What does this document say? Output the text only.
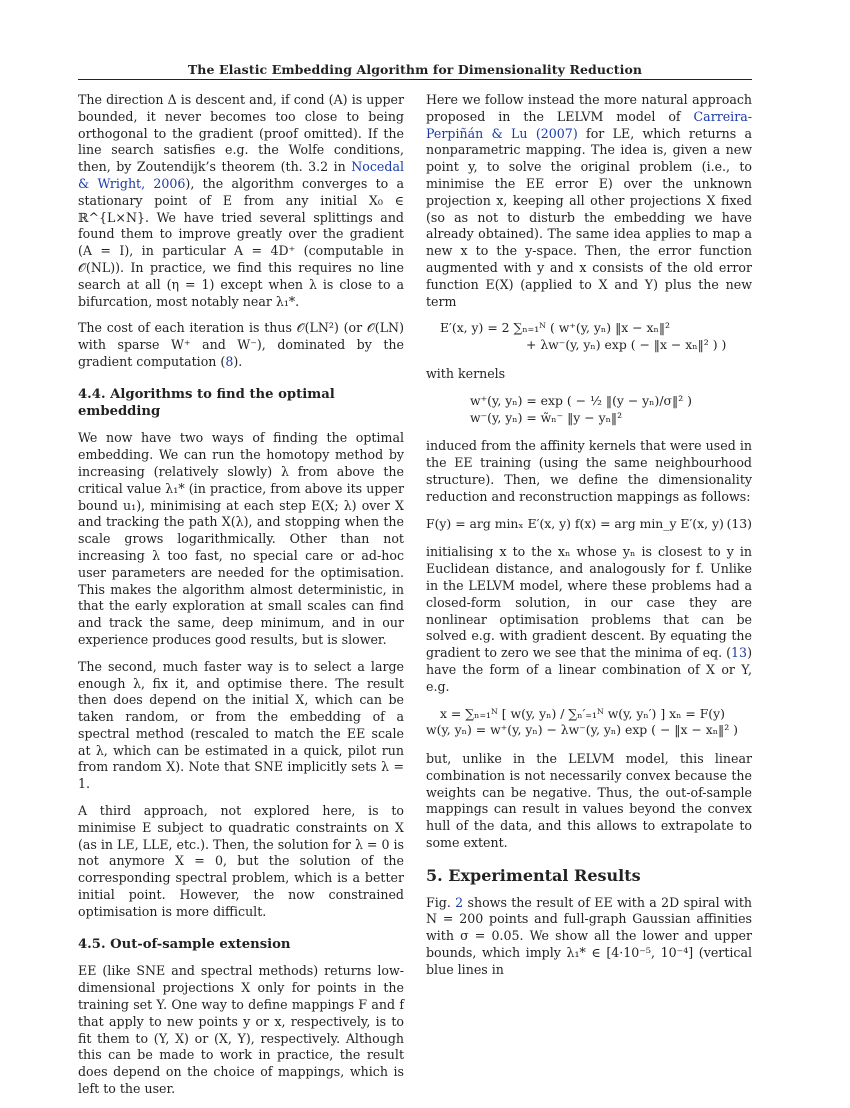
The Elastic Embedding Algorithm for Dimensionality Reduction

The direction Δ is descent and, if cond (A) is upper bounded, it never becomes too close to being orthogonal to the gradient (proof omitted). If the line search satisfies e.g. the Wolfe conditions, then, by Zoutendijk’s theorem (th. 3.2 in Nocedal & Wright, 2006), the algorithm converges to a stationary point of E from any initial X₀ ∈ ℝ^{L×N}. We have tried several splittings and found them to improve greatly over the gradient (A = I), in particular A = 4D⁺ (computable in 𝒪(NL)). In practice, we find this requires no line search at all (η = 1) except when λ is close to a bifurcation, most notably near λ₁*.

The cost of each iteration is thus 𝒪(LN²) (or 𝒪(LN) with sparse W⁺ and W⁻), dominated by the gradient computation (8).

4.4. Algorithms to find the optimal embedding

We now have two ways of finding the optimal embedding. We can run the homotopy method by increasing (relatively slowly) λ from above the critical value λ₁* (in practice, from above its upper bound u₁), minimising at each step E(X; λ) over X and tracking the path X(λ), and stopping when the scale grows logarithmically. Other than not increasing λ too fast, no special care or ad-hoc user parameters are needed for the optimisation. This makes the algorithm almost deterministic, in that the early exploration at small scales can find and track the same, deep minimum, and in our experience produces good results, but is slower.

The second, much faster way is to select a large enough λ, fix it, and optimise there. The result then does depend on the initial X, which can be taken random, or from the embedding of a spectral method (rescaled to match the EE scale at λ, which can be estimated in a quick, pilot run from random X). Note that SNE implicitly sets λ = 1.

A third approach, not explored here, is to minimise E subject to quadratic constraints on X (as in LE, LLE, etc.). Then, the solution for λ = 0 is not anymore X = 0, but the solution of the corresponding spectral problem, which is a better initial point. However, the now constrained optimisation is more difficult.

4.5. Out-of-sample extension

EE (like SNE and spectral methods) returns low-dimensional projections X only for points in the training set Y. One way to define mappings F and f that apply to new points y or x, respectively, is to fit them to (Y, X) or (X, Y), respectively. Although this can be made to work in practice, the result does depend on the choice of mappings, which is left to the user.

Here we follow instead the more natural approach proposed in the LELVM model of Carreira-Perpiñán & Lu (2007) for LE, which returns a nonparametric mapping. The idea is, given a new point y, to solve the original problem (i.e., to minimise the EE error E) over the unknown projection x, keeping all other projections X fixed (so as not to disturb the embedding we have already obtained). The same idea applies to map a new x to the y-space. Then, the error function augmented with y and x consists of the old error function E(X) (applied to X and Y) plus the new term

E′(x, y) = 2 ∑ₙ₌₁ᴺ ( w⁺(y, yₙ) ‖x − xₙ‖²
+ λw⁻(y, yₙ) exp ( − ‖x − xₙ‖² ) )

with kernels

w⁺(y, yₙ) = exp ( − ½ ‖(y − yₙ)/σ‖² )
w⁻(y, yₙ) = w̃ₙ⁻ ‖y − yₙ‖²

induced from the affinity kernels that were used in the EE training (using the same neighbourhood structure). Then, we define the dimensionality reduction and reconstruction mappings as follows:

F(y) = arg minₓ E′(x, y) f(x) = arg min_y E′(x, y) (13)

initialising x to the xₙ whose yₙ is closest to y in Euclidean distance, and analogously for f. Unlike in the LELVM model, where these problems had a closed-form solution, in our case they are nonlinear optimisation problems that can be solved e.g. with gradient descent. By equating the gradient to zero we see that the minima of eq. (13) have the form of a linear combination of X or Y, e.g.

x = ∑ₙ₌₁ᴺ [ w(y, yₙ) / ∑ₙ′₌₁ᴺ w(y, yₙ′) ] xₙ = F(y)
w(y, yₙ) = w⁺(y, yₙ) − λw⁻(y, yₙ) exp ( − ‖x − xₙ‖² )

but, unlike in the LELVM model, this linear combination is not necessarily convex because the weights can be negative. Thus, the out-of-sample mappings can result in values beyond the convex hull of the data, and this allows to extrapolate to some extent.

5. Experimental Results

Fig. 2 shows the result of EE with a 2D spiral with N = 200 points and full-graph Gaussian affinities with σ = 0.05. We show all the lower and upper bounds, which imply λ₁* ∈ [4·10⁻⁵, 10⁻⁴] (vertical blue lines in
